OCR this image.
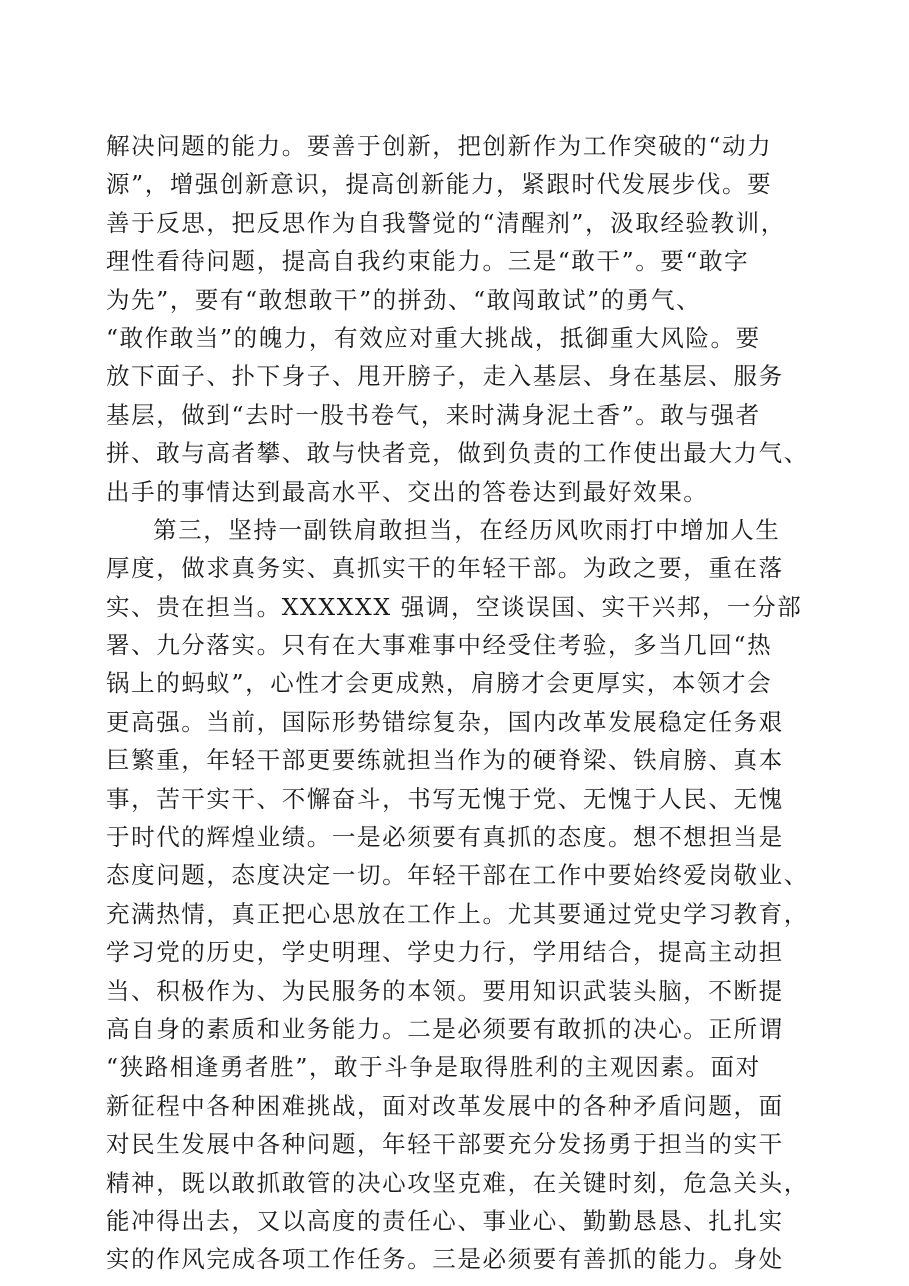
解决问题的能力。要善于创新，把创新作为工作突破的“动力
源”，增强创新意识，提高创新能力，紧跟时代发展步伐。要
善于反思，把反思作为自我警觉的“清醒剂”，汲取经验教训，
理性看待问题，提高自我约束能力。三是“敢干”。要“敢字
为先”，要有“敢想敢干”的拼劲、“敢闯敢试”的勇气、
“敢作敢当”的魄力，有效应对重大挑战，抵御重大风险。要
放下面子、扑下身子、甩开膀子，走入基层、身在基层、服务
基层，做到“去时一股书卷气，来时满身泥土香”。敢与强者
拼、敢与高者攀、敢与快者竞，做到负责的工作使出最大力气、
出手的事情达到最高水平、交出的答卷达到最好效果。
第三，坚持一副铁肩敢担当，在经历风吹雨打中增加人生
厚度，做求真务实、真抓实干的年轻干部。为政之要，重在落
实、贵在担当。XXXXXX 强调，空谈误国、实干兴邦，一分部
署、九分落实。只有在大事难事中经受住考验，多当几回“热
锅上的蚂蚁”，心性才会更成熟，肩膀才会更厚实，本领才会
更高强。当前，国际形势错综复杂，国内改革发展稳定任务艰
巨繁重，年轻干部更要练就担当作为的硬脊梁、铁肩膀、真本
事，苦干实干、不懈奋斗，书写无愧于党、无愧于人民、无愧
于时代的辉煌业绩。一是必须要有真抓的态度。想不想担当是
态度问题，态度决定一切。年轻干部在工作中要始终爱岗敬业、
充满热情，真正把心思放在工作上。尤其要通过党史学习教育，
学习党的历史，学史明理、学史力行，学用结合，提高主动担
当、积极作为、为民服务的本领。要用知识武装头脑，不断提
高自身的素质和业务能力。二是必须要有敢抓的决心。正所谓
“狭路相逢勇者胜”，敢于斗争是取得胜利的主观因素。面对
新征程中各种困难挑战，面对改革发展中的各种矛盾问题，面
对民生发展中各种问题，年轻干部要充分发扬勇于担当的实干
精神，既以敢抓敢管的决心攻坚克难，在关键时刻，危急关头，
能冲得出去，又以高度的责任心、事业心、勤勤恳恳、扎扎实
实的作风完成各项工作任务。三是必须要有善抓的能力。身处
